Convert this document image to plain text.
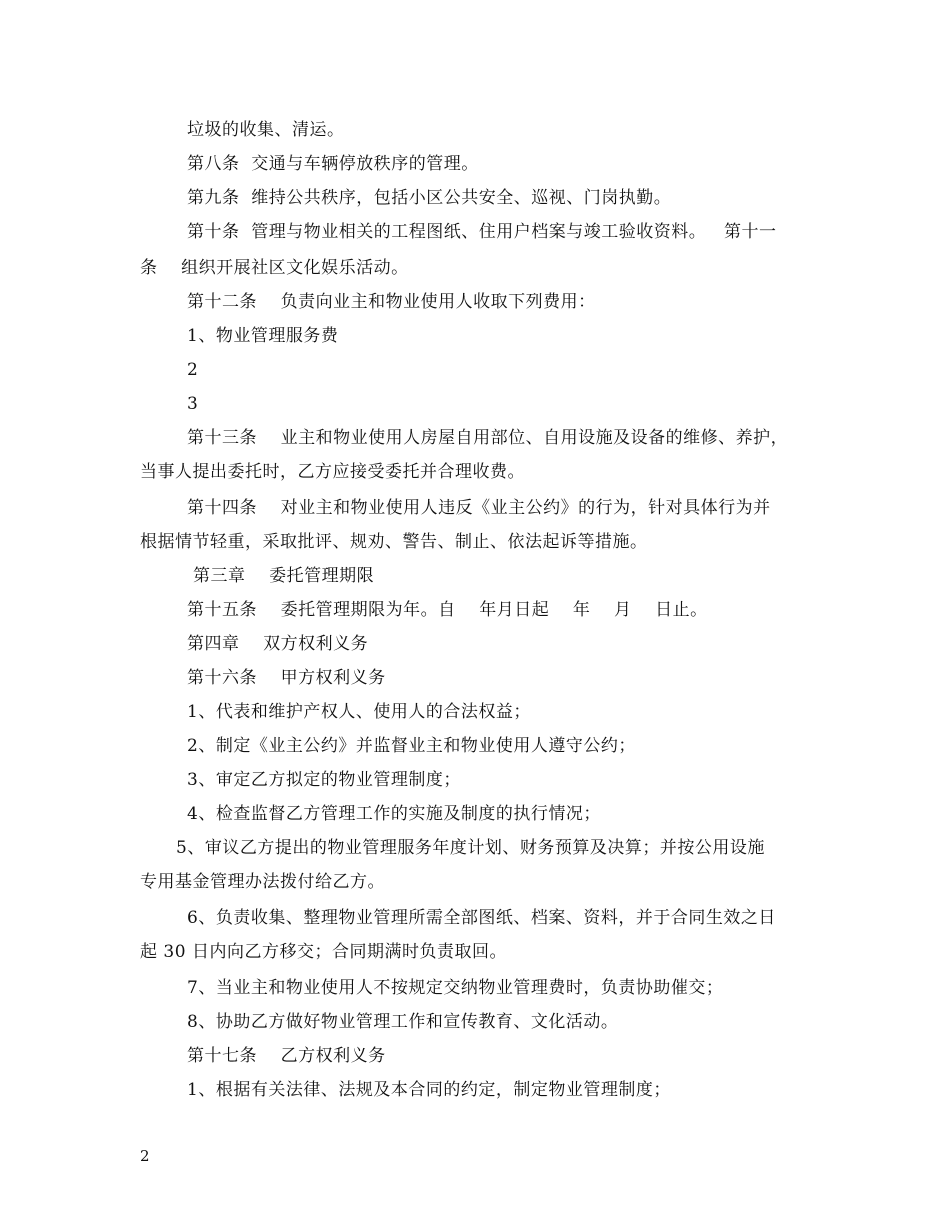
垃圾的收集、清运。
第八条  交通与车辆停放秩序的管理。
第九条  维持公共秩序，包括小区公共安全、巡视、门岗执勤。
第十条  管理与物业相关的工程图纸、住用户档案与竣工验收资料。   第十一
条    组织开展社区文化娱乐活动。
第十二条    负责向业主和物业使用人收取下列费用：
1、物业管理服务费
2
3
第十三条    业主和物业使用人房屋自用部位、自用设施及设备的维修、养护，
当事人提出委托时，乙方应接受委托并合理收费。
第十四条    对业主和物业使用人违反《业主公约》的行为，针对具体行为并
根据情节轻重，采取批评、规劝、警告、制止、依法起诉等措施。
第三章    委托管理期限
第十五条    委托管理期限为年。自    年月日起    年    月    日止。
第四章    双方权利义务
第十六条    甲方权利义务
1、代表和维护产权人、使用人的合法权益；
2、制定《业主公约》并监督业主和物业使用人遵守公约；
3、审定乙方拟定的物业管理制度；
4、检查监督乙方管理工作的实施及制度的执行情况；
5、审议乙方提出的物业管理服务年度计划、财务预算及决算；并按公用设施
专用基金管理办法拨付给乙方。
6、负责收集、整理物业管理所需全部图纸、档案、资料，并于合同生效之日
起 30 日内向乙方移交；合同期满时负责取回。
7、当业主和物业使用人不按规定交纳物业管理费时，负责协助催交；
8、协助乙方做好物业管理工作和宣传教育、文化活动。
第十七条    乙方权利义务
1、根据有关法律、法规及本合同的约定，制定物业管理制度；
2
